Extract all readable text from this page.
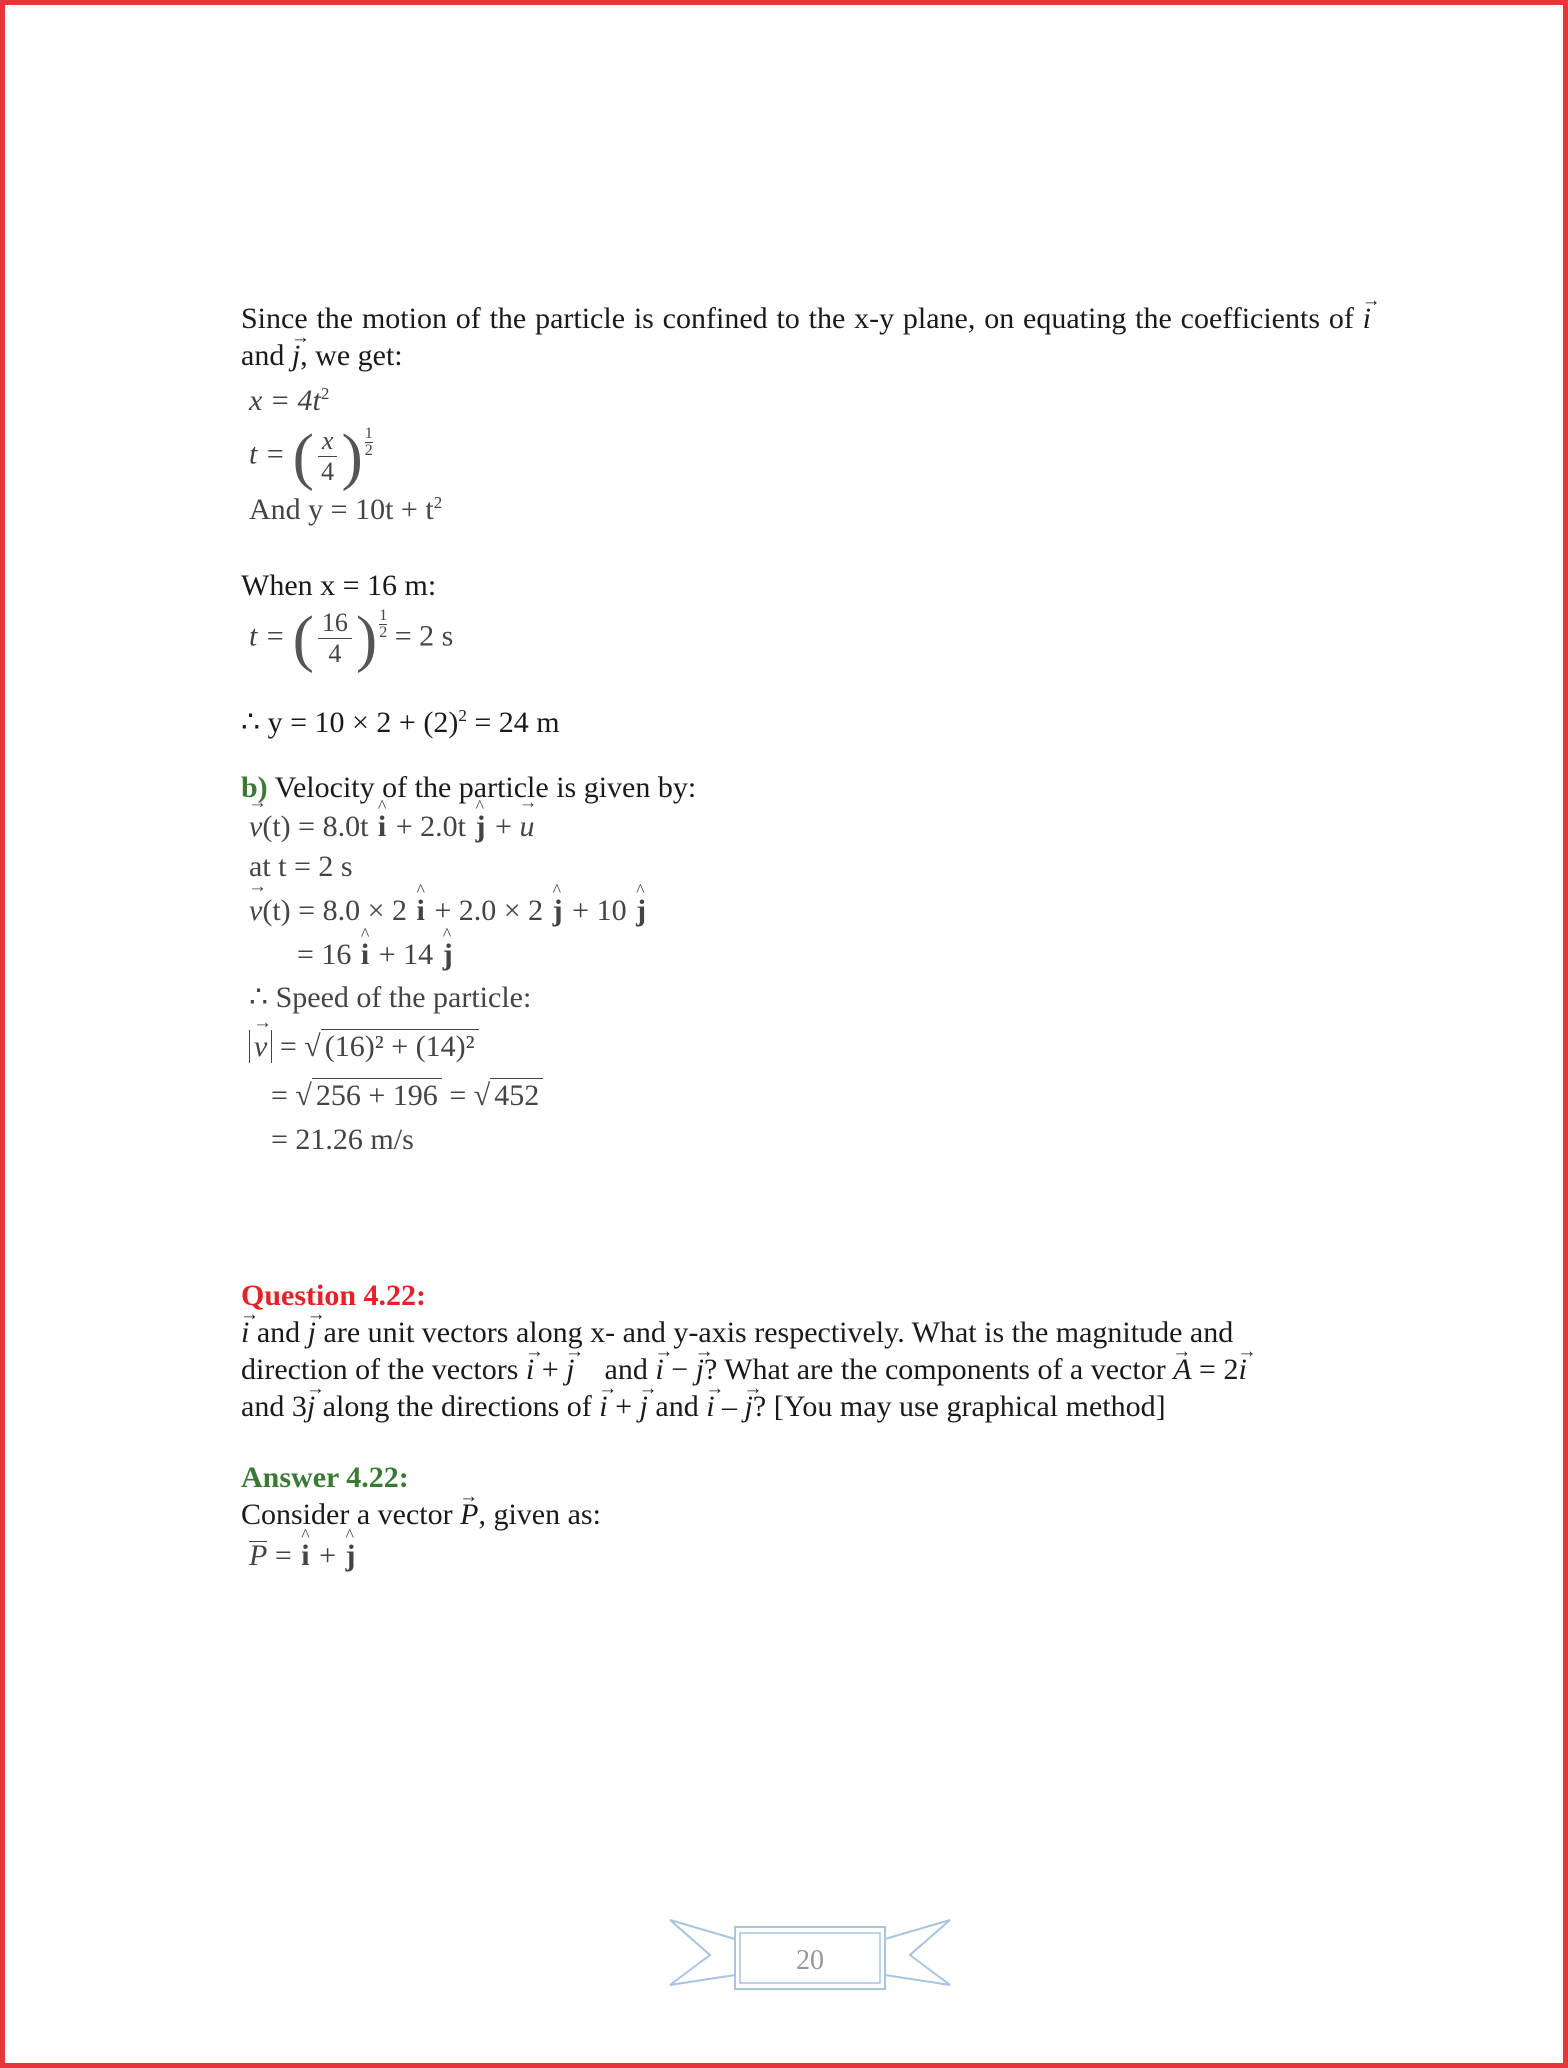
Since the motion of the particle is confined to the x-y plane, on equating the coefficients of → i and → j, we get:
$x = 4t^2$
t = ( $\frac{x}{4}$ ) $\frac{1}{2}$
And $y = 10t + t^2$
When x = 16 m:
t = ( $\frac{16}{4}$ ) $\frac{1}{2} = 2$ s
∴ $y = 10 \times 2 + (2)^2 = 24$ m
b) Velocity of the particle is given by:
→ v(t) = 8.0t ^ i + 2.0t ^ j + → u
at t = 2 s
→ v(t) = 8.0 × 2 ^ i + 2.0 × 2 ^ j + 10 ^ j
= 16 ^ i + 14 ^ j
∴ Speed of the particle:
→ v = √ (16)² + (14)²
= √ 256 + 196 = √ 452
= 21.26 m/s
Question 4.22:
→ i and → j are unit vectors along x- and y-axis respectively. What is the magnitude and
direction of the vectors → i + → j and → i − → j? What are the components of a vector → A = 2→ i
and 3→ j along the directions of → i + → j and → i – → j? [You may use graphical method]
Answer 4.22:
Consider a vector → P, given as:
P = ^ i + ^ j
20
